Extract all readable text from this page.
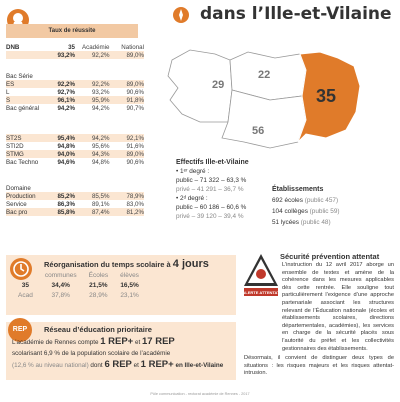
dans l’Ille-et-Vilaine
Taux de réussite
DNB	35	Académie	National
	93,2%	92,2%	89,0%
Bac Série			
ES	92,2%	92,2%	89,0%
L	92,7%	93,2%	90,6%
S	96,1%	95,9%	91,8%
Bac général	94,2%	94,2%	90,7%
ST2S	95,4%	94,2%	92,1%
STI2D	94,8%	95,6%	91,6%
STMG	94,0%	94,3%	89,0%
Bac Techno	94,6%	94,8%	90,6%
Domaine			
Production	85,2%	85,5%	78,9%
Service	86,3%	89,1%	83,0%
Bac pro	85,8%	87,4%	81,2%
29
22
56
35
Effectifs Ille-et-Vilaine
• 1ᵉʳ degré :
public – 71 322 – 63,3 %
privé – 41 291 – 36,7 %
• 2ᵈ degré :
public – 60 186 – 60,6 %
privé – 39 120 – 39,4 %
Établissements
692 écoles (public 457)
104 collèges (public 59)
51 lycées (public 48)
Réorganisation du temps scolaire à 4 jours
	communes	Écoles	élèves
35	34,4%	21,5%	16,5%
Acad	37,8%	28,9%	23,1%
REP	Réseau d’éducation prioritaire
L’académie de Rennes compte 1 REP+ et 17 REP
scolarisant 6,9 % de la population scolaire de l’académie
(12,6 % au niveau national) dont 6 REP et 1 REP+ en Ille-et-Vilaine
ALERTE ATTENTAT
Sécurité prévention attentat

L’instruction du 12 avril 2017 aborge un ensemble de textes et amène de la cohérence dans les mesures applicables dès cette rentrée. Elle souligne tout particulièrement l’exigence d’une approche partenariale associant les structures relevant de l’Éducation nationale (écoles et établissements scolaires, directions départementales, académies), les services en charge de la sécurité placés sous l’autorité du préfet et les collectivités gestionnaires des établissements.

Désormais, il convient de distinguer deux types de situations : les risques majeurs et les risques attentat-intrusion.

Pôle communication - rectorat académie de Rennes - 2017
